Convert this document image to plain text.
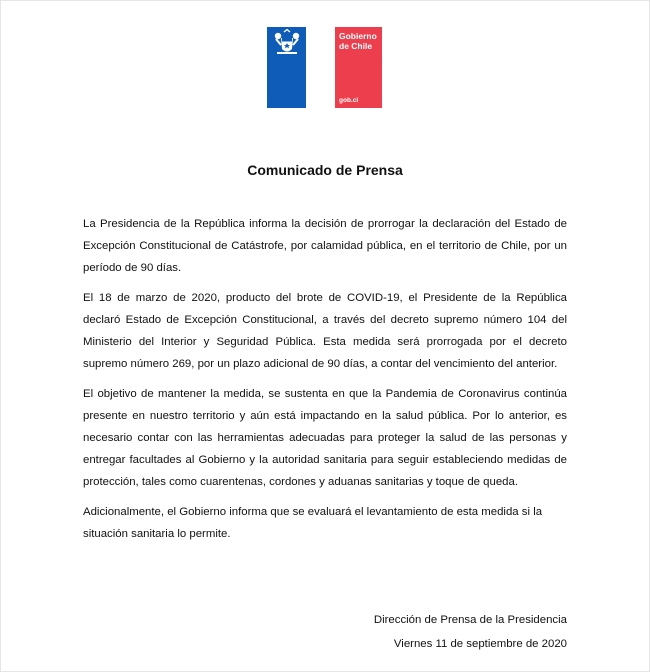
Gobierno
de Chile
gob.cl
Comunicado de Prensa

La Presidencia de la República informa la decisión de prorrogar la declaración del Estado de Excepción Constitucional de Catástrofe, por calamidad pública, en el territorio de Chile, por un período de 90 días.

El 18 de marzo de 2020, producto del brote de COVID-19, el Presidente de la República declaró Estado de Excepción Constitucional, a través del decreto supremo número 104 del Ministerio del Interior y Seguridad Pública. Esta medida será prorrogada por el decreto supremo número 269, por un plazo adicional de 90 días, a contar del vencimiento del anterior.

El objetivo de mantener la medida, se sustenta en que la Pandemia de Coronavirus continúa presente en nuestro territorio y aún está impactando en la salud pública. Por lo anterior, es necesario contar con las herramientas adecuadas para proteger la salud de las personas y entregar facultades al Gobierno y la autoridad sanitaria para seguir estableciendo medidas de protección, tales como cuarentenas, cordones y aduanas sanitarias y toque de queda.

Adicionalmente, el Gobierno informa que se evaluará el levantamiento de esta medida si la situación sanitaria lo permite.

Dirección de Prensa de la Presidencia
Viernes 11 de septiembre de 2020
